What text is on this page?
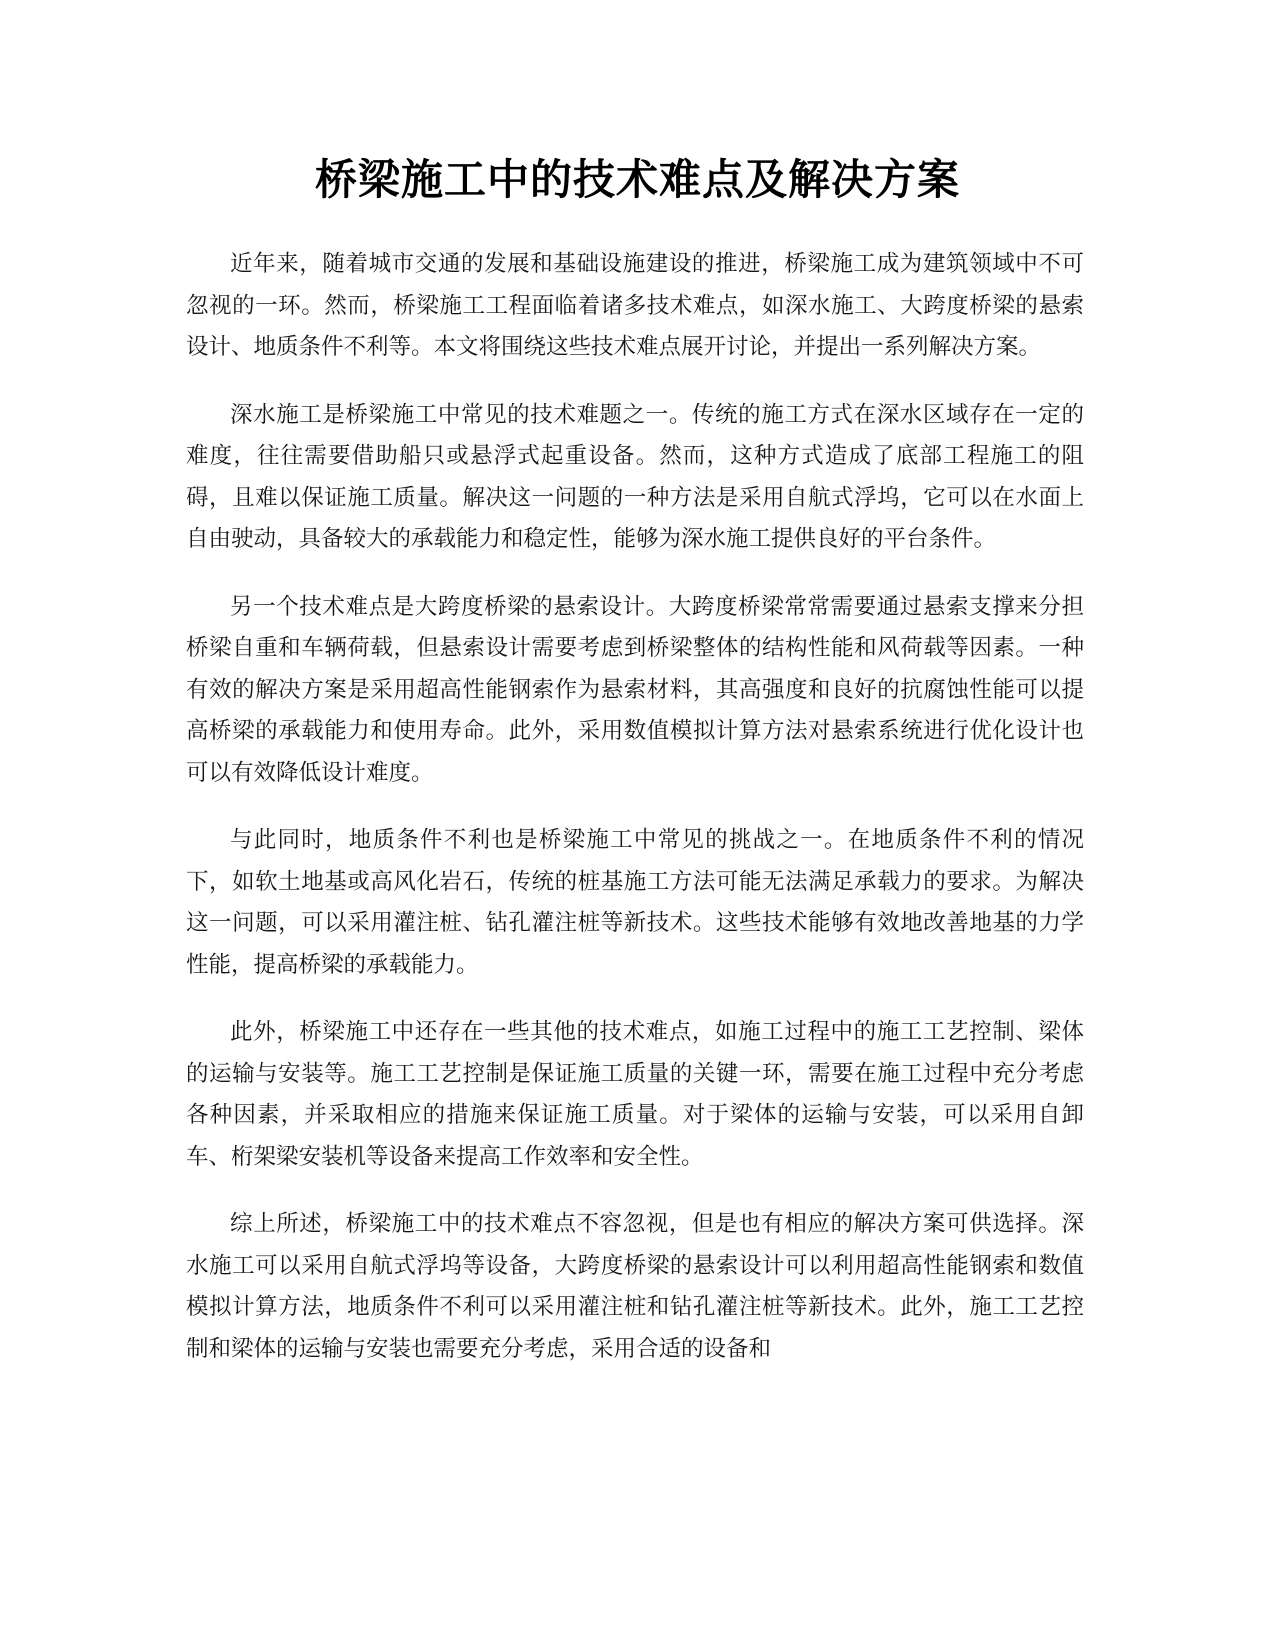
桥梁施工中的技术难点及解决方案

近年来，随着城市交通的发展和基础设施建设的推进，桥梁施工成为建筑领域中不可忽视的一环。然而，桥梁施工工程面临着诸多技术难点，如深水施工、大跨度桥梁的悬索设计、地质条件不利等。本文将围绕这些技术难点展开讨论，并提出一系列解决方案。

深水施工是桥梁施工中常见的技术难题之一。传统的施工方式在深水区域存在一定的难度，往往需要借助船只或悬浮式起重设备。然而，这种方式造成了底部工程施工的阻碍，且难以保证施工质量。解决这一问题的一种方法是采用自航式浮坞，它可以在水面上自由驶动，具备较大的承载能力和稳定性，能够为深水施工提供良好的平台条件。

另一个技术难点是大跨度桥梁的悬索设计。大跨度桥梁常常需要通过悬索支撑来分担桥梁自重和车辆荷载，但悬索设计需要考虑到桥梁整体的结构性能和风荷载等因素。一种有效的解决方案是采用超高性能钢索作为悬索材料，其高强度和良好的抗腐蚀性能可以提高桥梁的承载能力和使用寿命。此外，采用数值模拟计算方法对悬索系统进行优化设计也可以有效降低设计难度。

与此同时，地质条件不利也是桥梁施工中常见的挑战之一。在地质条件不利的情况下，如软土地基或高风化岩石，传统的桩基施工方法可能无法满足承载力的要求。为解决这一问题，可以采用灌注桩、钻孔灌注桩等新技术。这些技术能够有效地改善地基的力学性能，提高桥梁的承载能力。

此外，桥梁施工中还存在一些其他的技术难点，如施工过程中的施工工艺控制、梁体的运输与安装等。施工工艺控制是保证施工质量的关键一环，需要在施工过程中充分考虑各种因素，并采取相应的措施来保证施工质量。对于梁体的运输与安装，可以采用自卸车、桁架梁安装机等设备来提高工作效率和安全性。

综上所述，桥梁施工中的技术难点不容忽视，但是也有相应的解决方案可供选择。深水施工可以采用自航式浮坞等设备，大跨度桥梁的悬索设计可以利用超高性能钢索和数值模拟计算方法，地质条件不利可以采用灌注桩和钻孔灌注桩等新技术。此外，施工工艺控制和梁体的运输与安装也需要充分考虑，采用合适的设备和
